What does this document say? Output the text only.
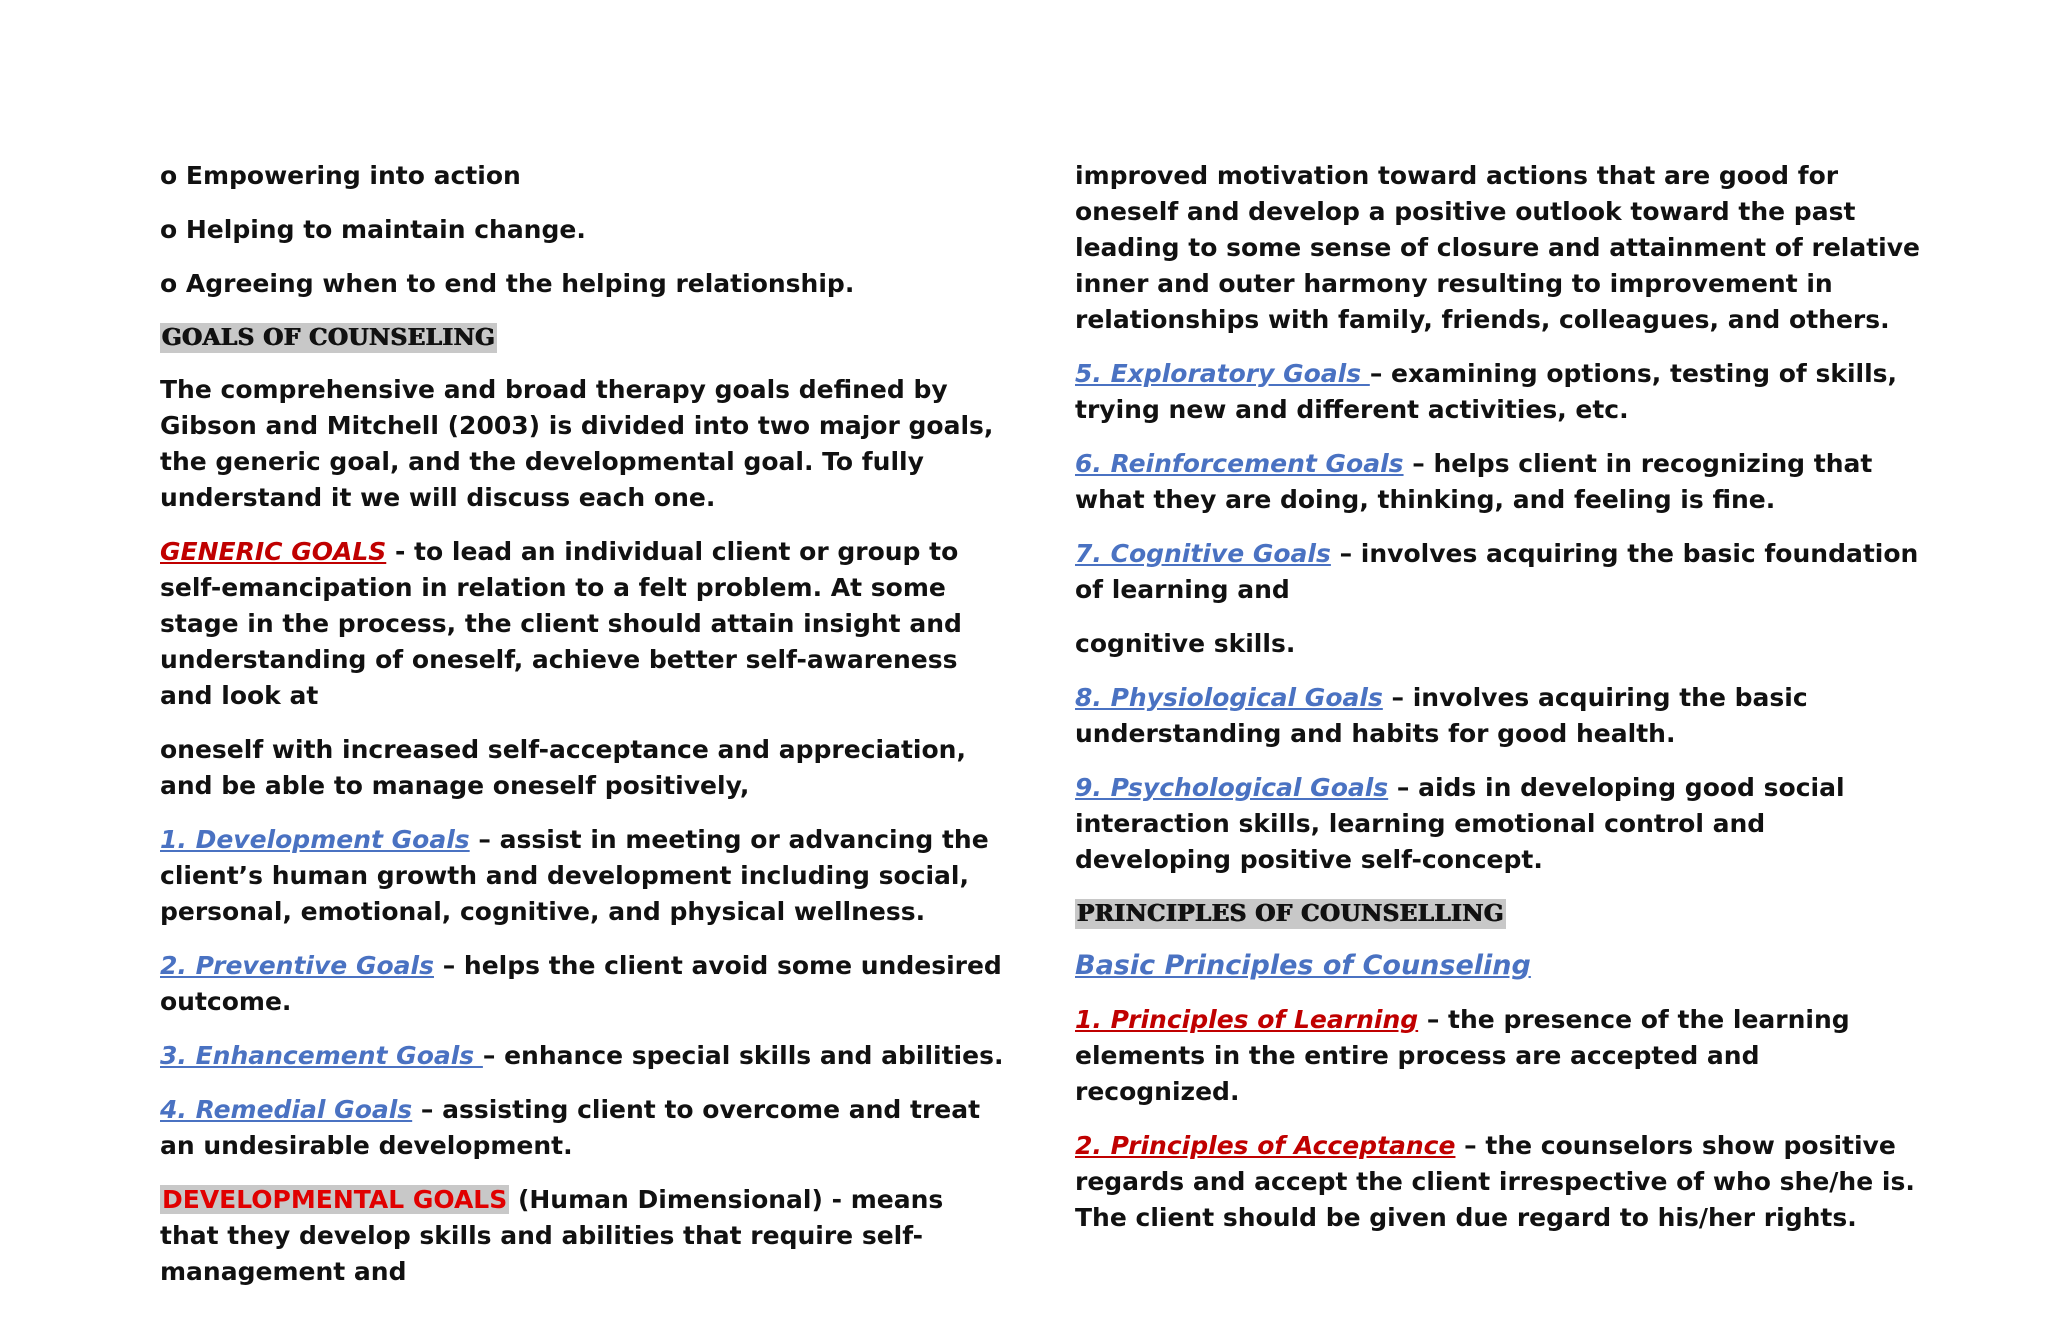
o Empowering into action

o Helping to maintain change.

o Agreeing when to end the helping relationship.

GOALS OF COUNSELING

The comprehensive and broad therapy goals defined by Gibson and Mitchell (2003) is divided into two major goals, the generic goal, and the developmental goal. To fully understand it we will discuss each one.

GENERIC GOALS - to lead an individual client or group to self-emancipation in relation to a felt problem. At some stage in the process, the client should attain insight and understanding of oneself, achieve better self-awareness and look at

oneself with increased self-acceptance and appreciation, and be able to manage oneself positively,

1. Development Goals – assist in meeting or advancing the client’s human growth and development including social, personal, emotional, cognitive, and physical wellness.

2. Preventive Goals – helps the client avoid some undesired outcome.

3. Enhancement Goals – enhance special skills and abilities.

4. Remedial Goals – assisting client to overcome and treat an undesirable development.

DEVELOPMENTAL GOALS (Human Dimensional) - means that they develop skills and abilities that require self-management and

improved motivation toward actions that are good for oneself and develop a positive outlook toward the past leading to some sense of closure and attainment of relative inner and outer harmony resulting to improvement in relationships with family, friends, colleagues, and others.

5. Exploratory Goals – examining options, testing of skills, trying new and different activities, etc.

6. Reinforcement Goals – helps client in recognizing that what they are doing, thinking, and feeling is fine.

7. Cognitive Goals – involves acquiring the basic foundation of learning and

cognitive skills.

8. Physiological Goals – involves acquiring the basic understanding and habits for good health.

9. Psychological Goals – aids in developing good social interaction skills, learning emotional control and developing positive self-concept.

PRINCIPLES OF COUNSELLING

Basic Principles of Counseling

1. Principles of Learning – the presence of the learning elements in the entire process are accepted and recognized.

2. Principles of Acceptance – the counselors show positive regards and accept the client irrespective of who she/he is. The client should be given due regard to his/her rights.
